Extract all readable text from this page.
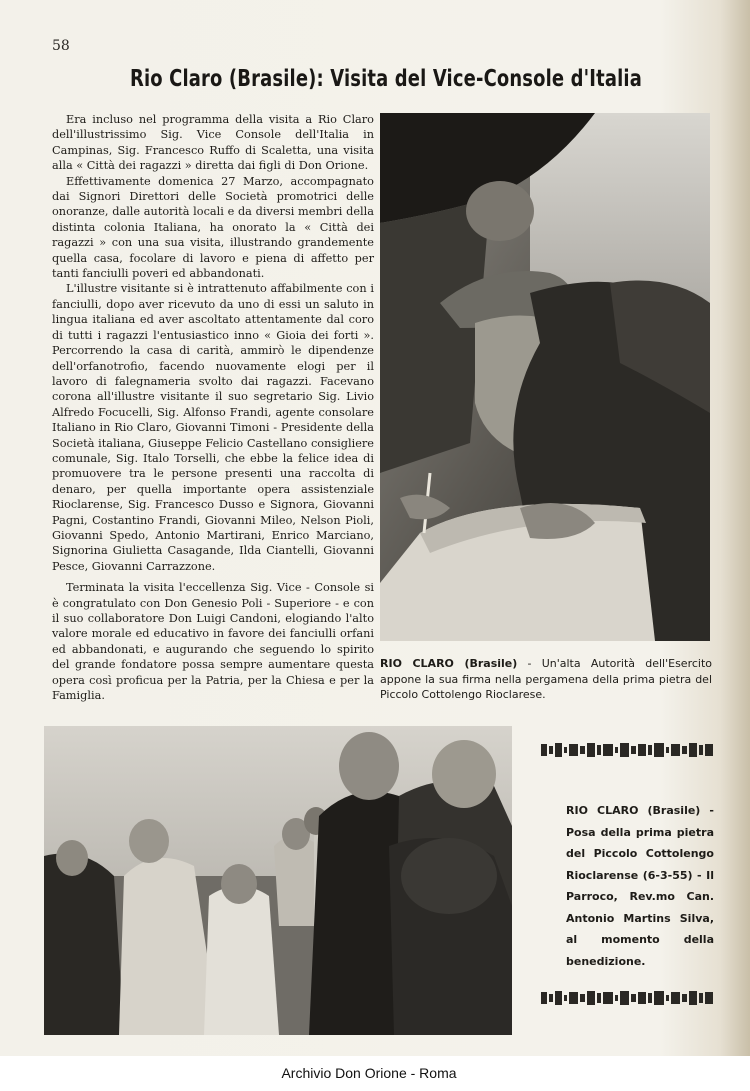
58
Rio Claro (Brasile): Visita del Vice-Console d'Italia

Era incluso nel programma della visita a Rio Claro dell'illustrissimo Sig. Vice Console dell'Italia in Campinas, Sig. Francesco Ruffo di Scaletta, una visita alla « Città dei ragazzi » diretta dai figli di Don Orione.

Effettivamente domenica 27 Marzo, accompagnato dai Signori Direttori delle Società promotrici delle onoranze, dalle autorità locali e da diversi membri della distinta colonia Italiana, ha onorato la « Città dei ragazzi » con una sua visita, illustrando grandemente quella casa, focolare di lavoro e piena di affetto per tanti fanciulli poveri ed abbandonati.

L'illustre visitante si è intrattenuto affabilmente con i fanciulli, dopo aver ricevuto da uno di essi un saluto in lingua italiana ed aver ascoltato attentamente dal coro di tutti i ragazzi l'entusiastico inno « Gioia dei forti ». Percorrendo la casa di carità, ammirò le dipendenze dell'orfanotrofio, facendo nuovamente elogi per il lavoro di falegnameria svolto dai ragazzi. Facevano corona all'illustre visitante il suo segretario Sig. Livio Alfredo Focucelli, Sig. Alfonso Frandi, agente consolare Italiano in Rio Claro, Giovanni Timoni - Presidente della Società italiana, Giuseppe Felicio Castellano consigliere comunale, Sig. Italo Torselli, che ebbe la felice idea di promuovere tra le persone presenti una raccolta di denaro, per quella importante opera assistenziale Rioclarense, Sig. Francesco Dusso e Signora, Giovanni Pagni, Costantino Frandi, Giovanni Mileo, Nelson Pioli, Giovanni Spedo, Antonio Martirani, Enrico Marciano, Signorina Giulietta Casagande, Ilda Ciantelli, Giovanni Pesce, Giovanni Carrazzone.

Terminata la visita l'eccellenza Sig. Vice - Console si è congratulato con Don Genesio Poli - Superiore - e con il suo collaboratore Don Luigi Candoni, elogiando l'alto valore morale ed educativo in favore dei fanciulli orfani ed abbandonati, e augurando che seguendo lo spirito del grande fondatore possa sempre aumentare questa opera così proficua per la Patria, per la Chiesa e per la Famiglia.

RIO CLARO (Brasile) - Un'alta Autorità dell'Esercito appone la sua firma nella pergamena della prima pietra del Piccolo Cottolengo Rioclarese.
RIO CLARO (Brasile) - Posa della prima pietra del Piccolo Cottolengo Rioclarense (6-3-55) - Il Parroco, Rev.mo Can. Antonio Martins Silva, al momento della benedizione.
Archivio Don Orione - Roma
